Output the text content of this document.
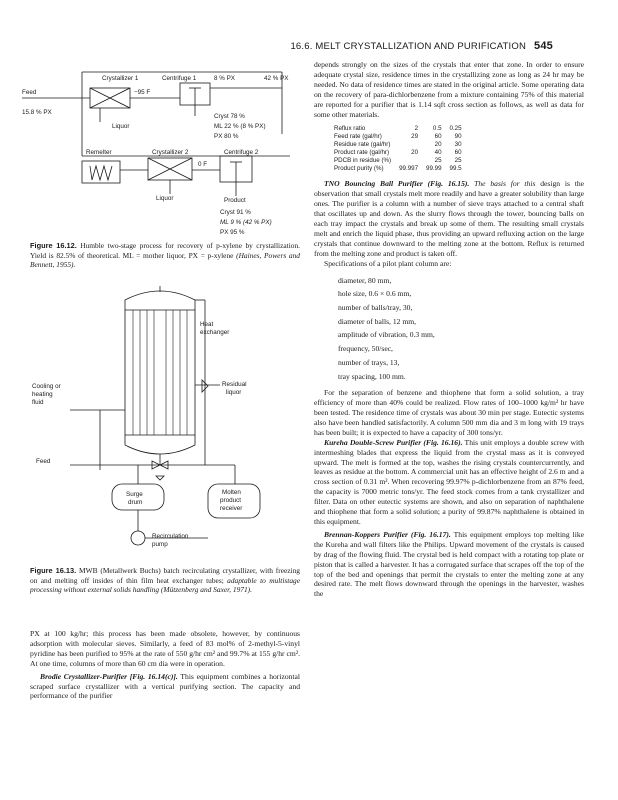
16.6. MELT CRYSTALLIZATION AND PURIFICATION 545
Crystallizer 1	Centrifuge 1	8 % PX	42 % PX
Feed
15.8 % PX
−95 F
Cryst 78 %
ML 22 % (8 % PX)
PX 80 %
Liquor
Remelter	Crystallizer 2	Centrifuge 2
0 F
Liquor	Product
Cryst 91 %
ML 9 % (42 % PX)
PX 95 %
Figure 16.12. Humble two-stage process for recovery of p-xylene by crystallization. Yield is 82.5% of theoretical. ML = mother liquor, PX = p-xylene (Haines, Powers and Bennett, 1955).
Heat
exchanger
Residual
liquor
Cooling or
heating
fluid
Feed
Surge
drum
Molten
product
receiver
Recirculation
pump
Figure 16.13. MWB (Metallwerk Buchs) batch recirculating crystallizer, with freezing on and melting off insides of thin film heat exchanger tubes; adaptable to multistage processing without external solids handling (Mützenberg and Saxer, 1971).

PX at 100 kg/hr; this process has been made obsolete, however, by continuous adsorption with molecular sieves. Similarly, a feed of 83 mol% of 2-methyl-5-vinyl pyridine has been purified to 95% at the rate of 550 g/hr cm² and 99.7% at 155 g/hr cm². At one time, columns of more than 60 cm dia were in operation.

Brodie Crystallizer-Purifier [Fig. 16.14(c)]. This equipment combines a horizontal scraped surface crystallizer with a vertical purifying section. The capacity and performance of the purifier

depends strongly on the sizes of the crystals that enter that zone. In order to ensure adequate crystal size, residence times in the crystallizing zone as long as 24 hr may be needed. No data of residence times are stated in the original article. Some operating data on the recovery of para-dichlorbenzene from a mixture containing 75% of this material are reported for a purifier that is 1.14 sqft cross section as follows, as well as data for some other materials.

Reflux ratio	2	0.5	0.25
Feed rate (gal/hr)	29	60	90
Residue rate (gal/hr)		20	30
Product rate (gal/hr)	20	40	60
PDCB in residue (%)		25	25
Product purity (%)	99.997	99.99	99.5

TNO Bouncing Ball Purifier (Fig. 16.15). The basis for this design is the observation that small crystals melt more readily and have a greater solubility than large ones. The purifier is a column with a number of sieve trays attached to a central shaft that oscillates up and down. As the slurry flows through the tower, bouncing balls on each tray impact the crystals and break up some of them. The resulting small crystals melt and enrich the liquid phase, thus providing an upward refluxing action on the large crystals that continue downward to the melting zone at the bottom. Reflux is returned from the melting zone and product is taken off.

Specifications of a pilot plant column are:

diameter, 80 mm,
hole size, 0.6 × 0.6 mm,
number of balls/tray, 30,
diameter of balls, 12 mm,
amplitude of vibration, 0.3 mm,
frequency, 50/sec,
number of trays, 13,
tray spacing, 100 mm.

For the separation of benzene and thiophene that form a solid solution, a tray efficiency of more than 40% could be realized. Flow rates of 100–1000 kg/m² hr have been tested. The residence time of crystals was about 30 min per stage. Eutectic systems also have been handled satisfactorily. A column 500 mm dia and 3 m long with 19 trays has been built; it is expected to have a capacity of 300 tons/yr.

Kureha Double-Screw Purifier (Fig. 16.16). This unit employs a double screw with intermeshing blades that express the liquid from the crystal mass as it is conveyed upward. The melt is formed at the top, washes the rising crystals countercurrently, and leaves as residue at the bottom. A commercial unit has an effective height of 2.6 m and a cross section of 0.31 m². When recovering 99.97% p-dichlorbenzene from an 87% feed, the capacity is 7000 metric tons/yr. The feed stock comes from a tank crystallizer and filter. Data on other eutectic systems are shown, and also on separation of naphthalene and thiophene that form a solid solution; a purity of 99.87% naphthalene is obtained in this equipment.

Brennan-Koppers Purifier (Fig. 16.17). This equipment employs top melting like the Kureha and wall filters like the Philips. Upward movement of the crystals is caused by drag of the flowing fluid. The crystal bed is held compact with a rotating top plate or piston that is called a harvester. It has a corrugated surface that scrapes off the top of the top of the bed and openings that permit the crystals to enter the melting zone at any desired rate. The melt flows downward through the openings in the harvester, washes the
